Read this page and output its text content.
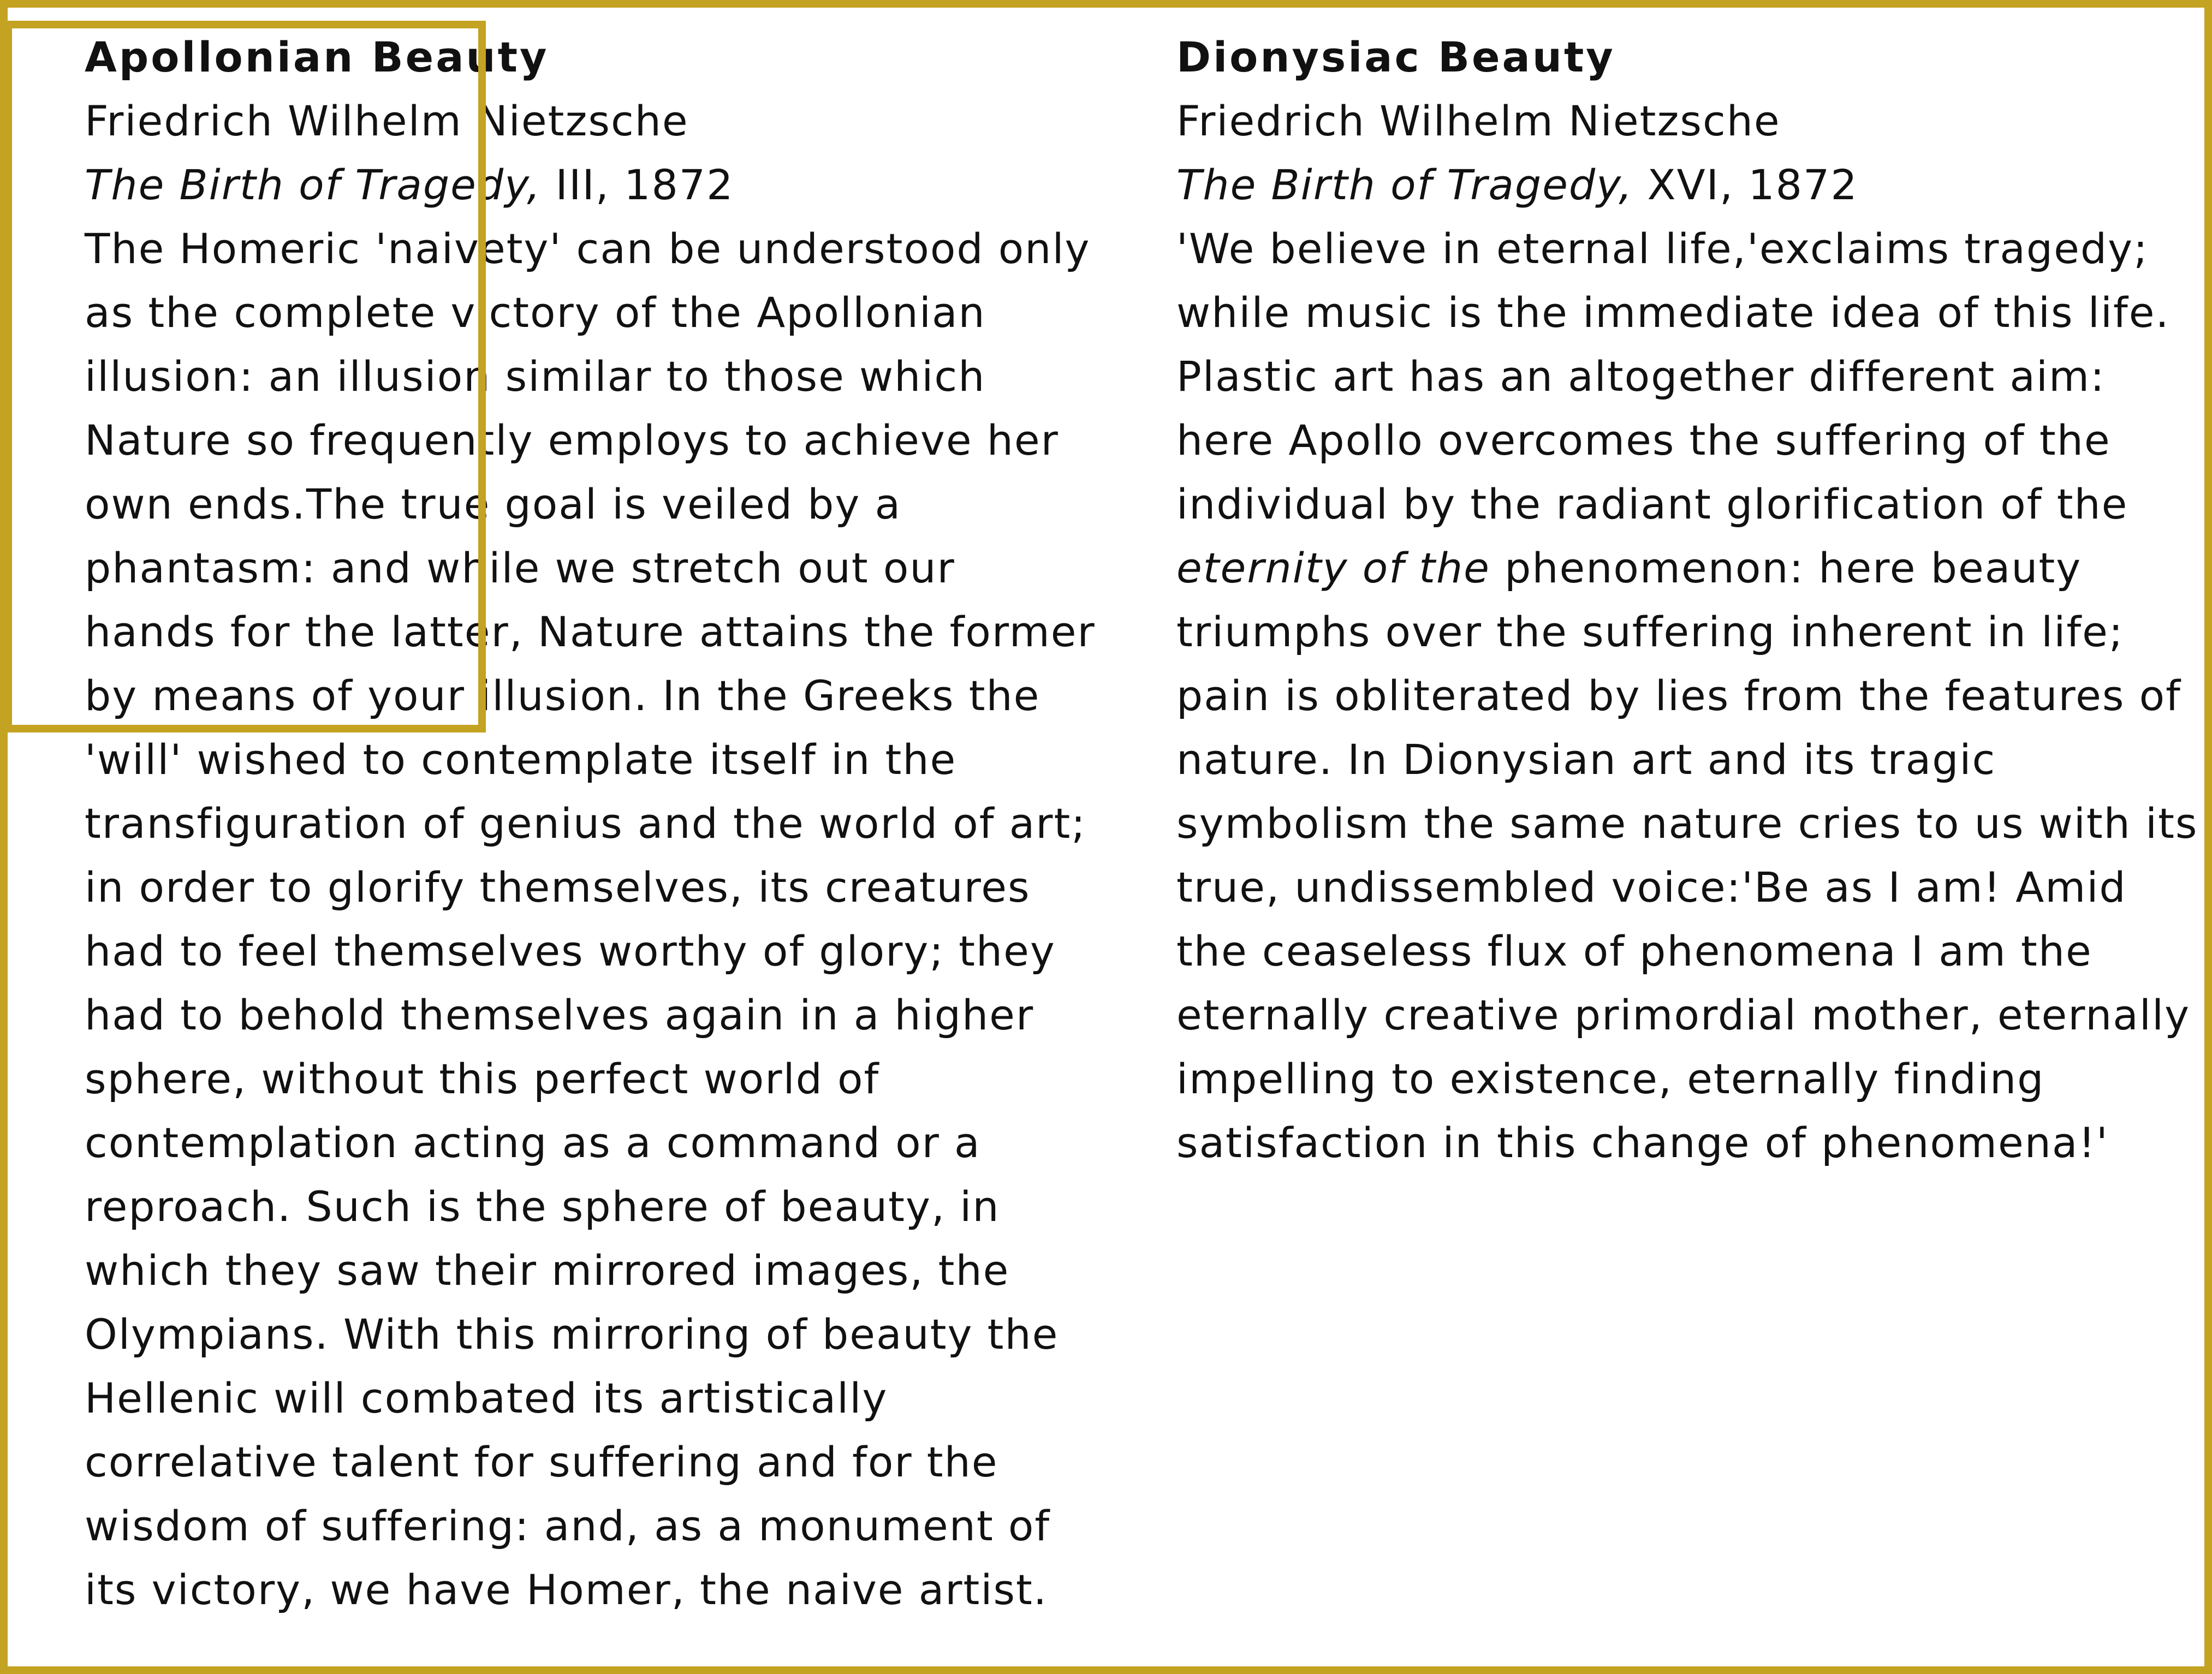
Apollonian Beauty

Friedrich Wilhelm Nietzsche

The Birth of Tragedy, III, 1872

The Homeric 'naivety' can be understood only
as the complete victory of the Apollonian
illusion: an illusion similar to those which
Nature so frequently employs to achieve her
own ends.The true goal is veiled by a
phantasm: and while we stretch out our
hands for the latter, Nature attains the former
by means of your illusion. In the Greeks the
'will' wished to contemplate itself in the
transfiguration of genius and the world of art;
in order to glorify themselves, its creatures
had to feel themselves worthy of glory; they
had to behold themselves again in a higher
sphere, without this perfect world of
contemplation acting as a command or a
reproach. Such is the sphere of beauty, in
which they saw their mirrored images, the
Olympians. With this mirroring of beauty the
Hellenic will combated its artistically
correlative talent for suffering and for the
wisdom of suffering: and, as a monument of
its victory, we have Homer, the naive artist.

Dionysiac Beauty

Friedrich Wilhelm Nietzsche

The Birth of Tragedy, XVI, 1872

'We believe in eternal life,'exclaims tragedy;
while music is the immediate idea of this life.
Plastic art has an altogether different aim:
here Apollo overcomes the suffering of the
individual by the radiant glorification of the
eternity of the phenomenon: here beauty
triumphs over the suffering inherent in life;
pain is obliterated by lies from the features of
nature. In Dionysian art and its tragic
symbolism the same nature cries to us with its
true, undissembled voice:'Be as I am! Amid
the ceaseless flux of phenomena I am the
eternally creative primordial mother, eternally
impelling to existence, eternally finding
satisfaction in this change of phenomena!'
